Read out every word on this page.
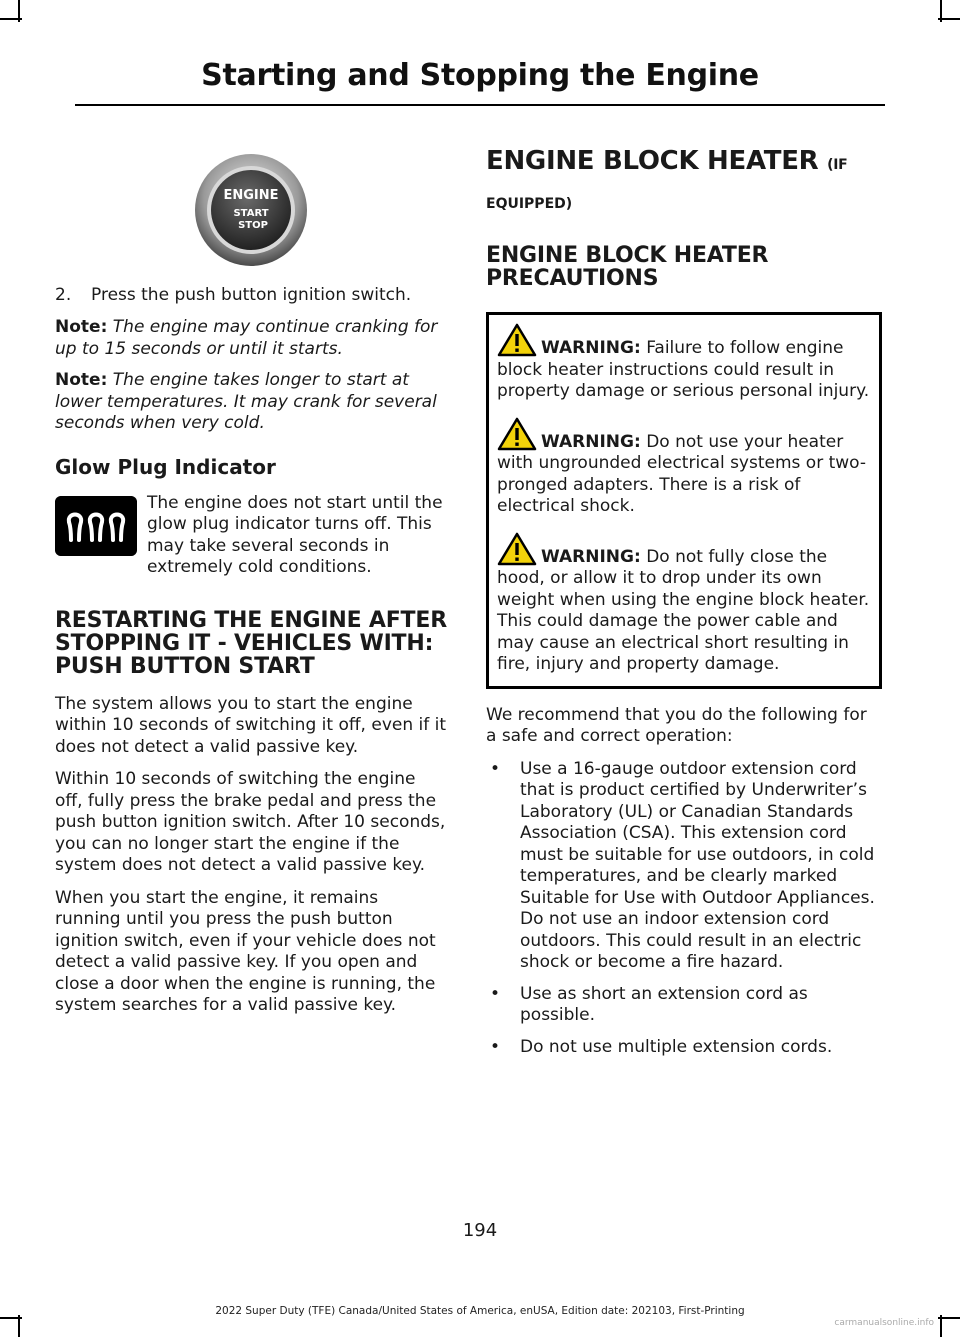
Starting and Stopping the Engine
ENGINE
START
STOP
2. Press the push button ignition switch.
Note: The engine may continue cranking for up to 15 seconds or until it starts.
Note: The engine takes longer to start at lower temperatures. It may crank for several seconds when very cold.
Glow Plug Indicator
The engine does not start until the glow plug indicator turns off. This may take several seconds in extremely cold conditions.
RESTARTING THE ENGINE AFTER STOPPING IT - VEHICLES WITH: PUSH BUTTON START

The system allows you to start the engine within 10 seconds of switching it off, even if it does not detect a valid passive key.

Within 10 seconds of switching the engine off, fully press the brake pedal and press the push button ignition switch. After 10 seconds, you can no longer start the engine if the system does not detect a valid passive key.

When you start the engine, it remains running until you press the push button ignition switch, even if your vehicle does not detect a valid passive key. If you open and close a door when the engine is running, the system searches for a valid passive key.

ENGINE BLOCK HEATER (IF
EQUIPPED)
ENGINE BLOCK HEATER PRECAUTIONS
WARNING: Failure to follow engine block heater instructions could result in property damage or serious personal injury.
WARNING: Do not use your heater with ungrounded electrical systems or two-pronged adapters. There is a risk of electrical shock.
WARNING: Do not fully close the hood, or allow it to drop under its own weight when using the engine block heater. This could damage the power cable and may cause an electrical short resulting in fire, injury and property damage.

We recommend that you do the following for a safe and correct operation:

• Use a 16-gauge outdoor extension cord that is product certified by Underwriter’s Laboratory (UL) or Canadian Standards Association (CSA). This extension cord must be suitable for use outdoors, in cold temperatures, and be clearly marked Suitable for Use with Outdoor Appliances. Do not use an indoor extension cord outdoors. This could result in an electric shock or become a fire hazard.
• Use as short an extension cord as possible.
• Do not use multiple extension cords.
194
2022 Super Duty (TFE) Canada/United States of America, enUSA, Edition date: 202103, First-Printing
carmanualsonline.info
